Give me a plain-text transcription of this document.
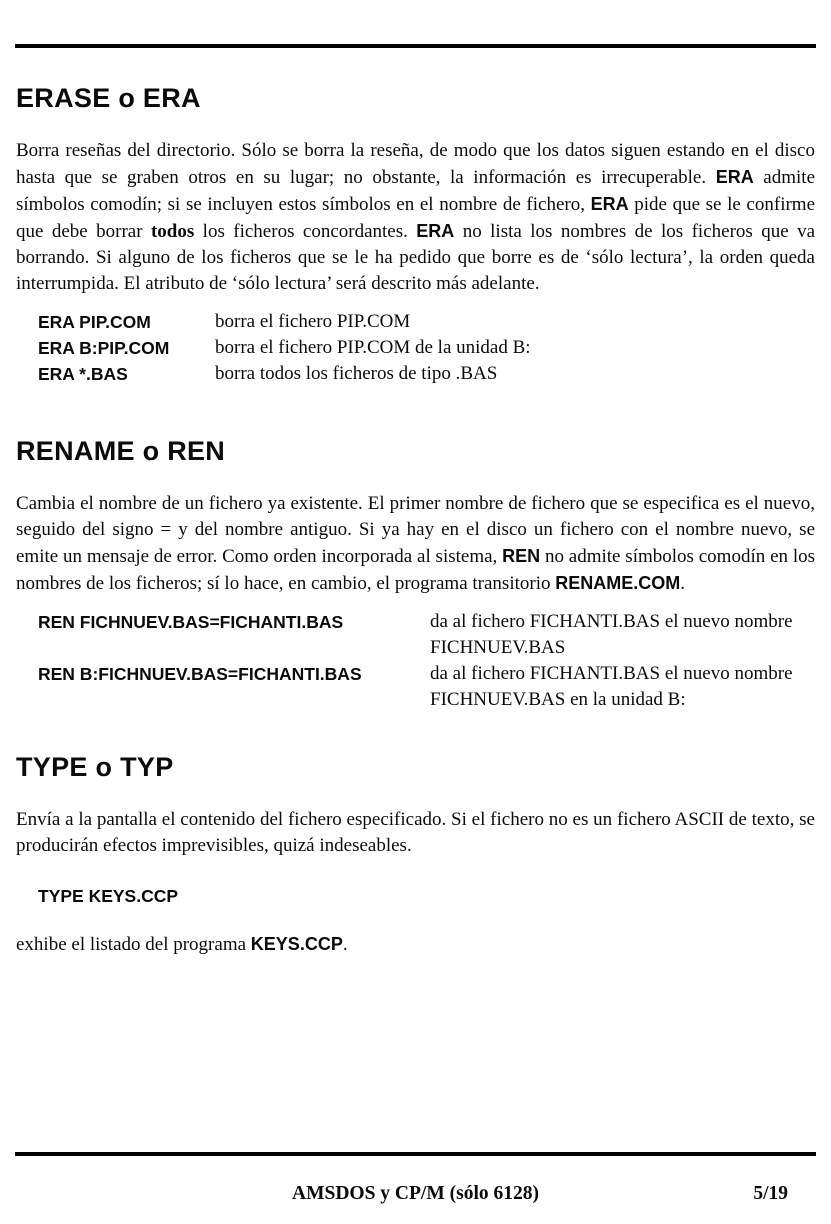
ERASE o ERA

Borra reseñas del directorio. Sólo se borra la reseña, de modo que los datos siguen estando en el disco hasta que se graben otros en su lugar; no obstante, la información es irrecuperable. ERA admite símbolos comodín; si se incluyen estos símbolos en el nombre de fichero, ERA pide que se le confirme que debe borrar todos los ficheros concordantes. ERA no lista los nombres de los ficheros que va borrando. Si alguno de los ficheros que se le ha pedido que borre es de ‘sólo lectura’, la orden queda interrumpida. El atributo de ‘sólo lectura’ será descrito más adelante.

ERA PIP.COM	borra el fichero PIP.COM
ERA B:PIP.COM	borra el fichero PIP.COM de la unidad B:
ERA *.BAS	borra todos los ficheros de tipo .BAS
RENAME o REN

Cambia el nombre de un fichero ya existente. El primer nombre de fichero que se especifica es el nuevo, seguido del signo = y del nombre antiguo. Si ya hay en el disco un fichero con el nombre nuevo, se emite un mensaje de error. Como orden incorporada al sistema, REN no admite símbolos comodín en los nombres de los ficheros; sí lo hace, en cambio, el programa transitorio RENAME.COM.

REN FICHNUEV.BAS=FICHANTI.BAS	da al fichero FICHANTI.BAS el nuevo nombre FICHNUEV.BAS
REN B:FICHNUEV.BAS=FICHANTI.BAS	da al fichero FICHANTI.BAS el nuevo nombre FICHNUEV.BAS en la unidad B:
TYPE o TYP

Envía a la pantalla el contenido del fichero especificado. Si el fichero no es un fichero ASCII de texto, se producirán efectos imprevisibles, quizá indeseables.

TYPE KEYS.CCP

exhibe el listado del programa KEYS.CCP.

AMSDOS y CP/M (sólo 6128)	5/19
